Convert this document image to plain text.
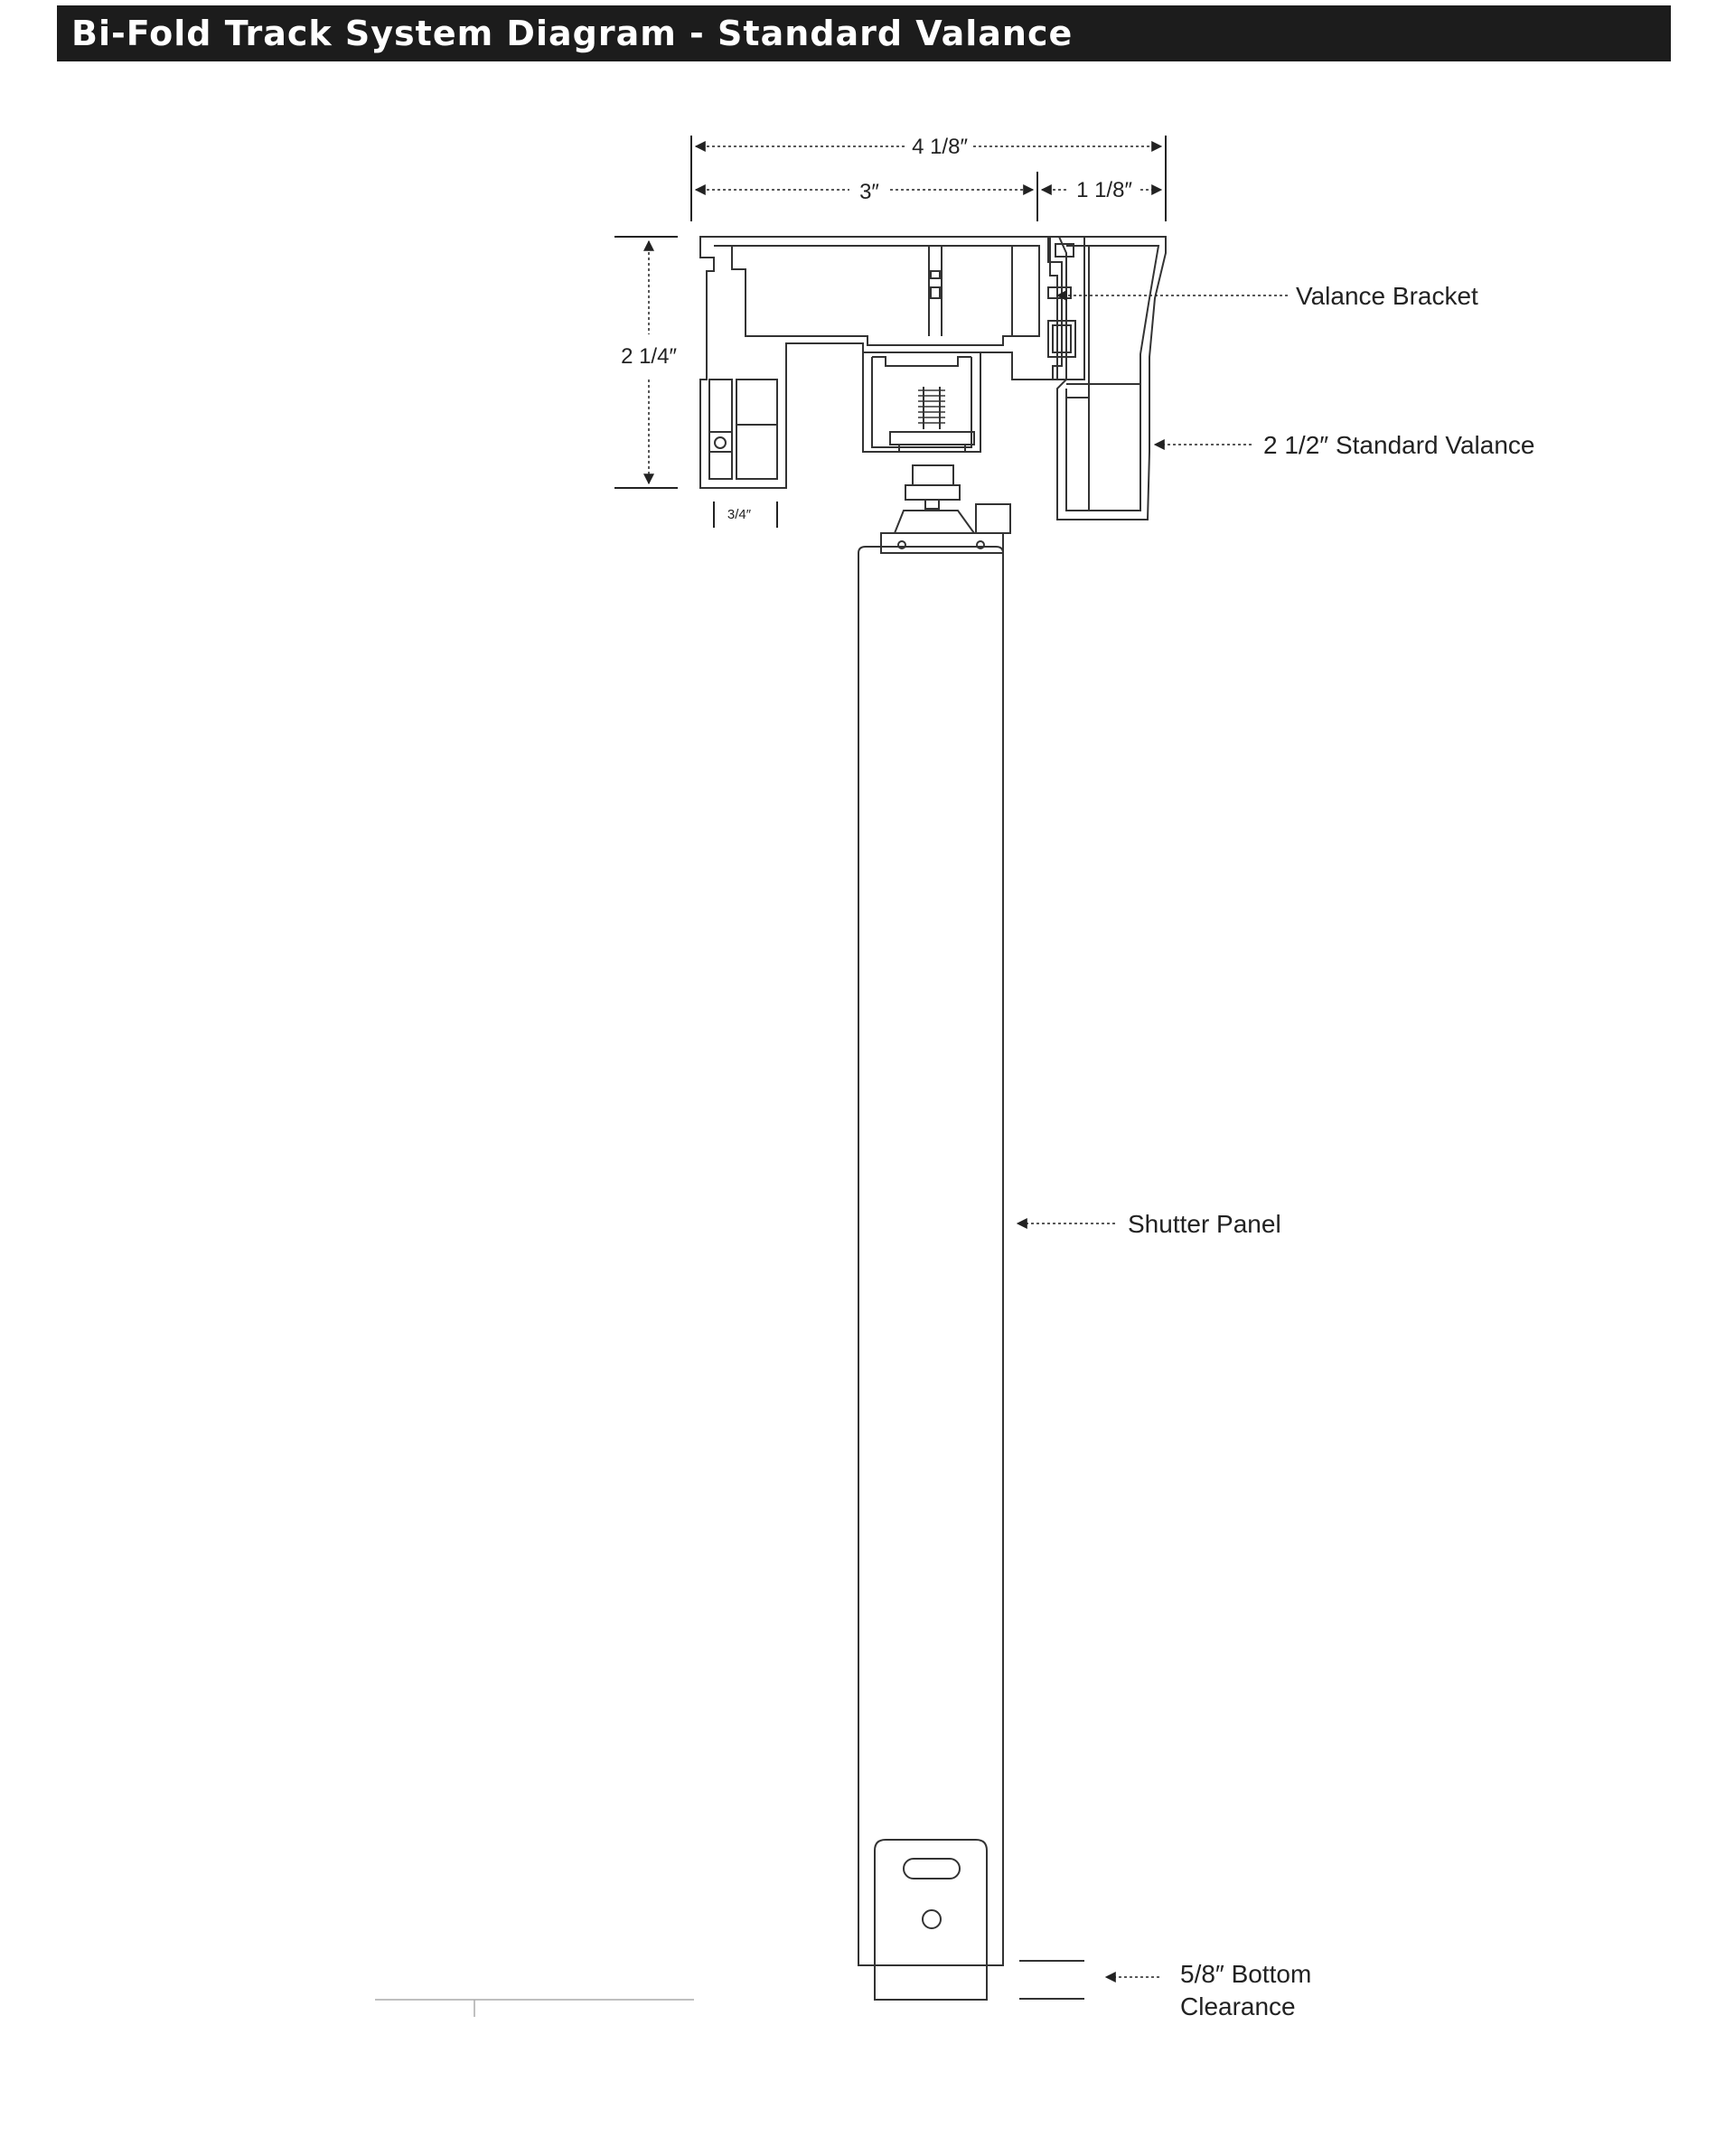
Bi-Fold Track System Diagram - Standard Valance
4 1/8″
3″	1 1/8″
2 1/4″
3/4″
Valance Bracket
2 1/2″ Standard Valance
Shutter Panel
5/8″ Bottom
Clearance
